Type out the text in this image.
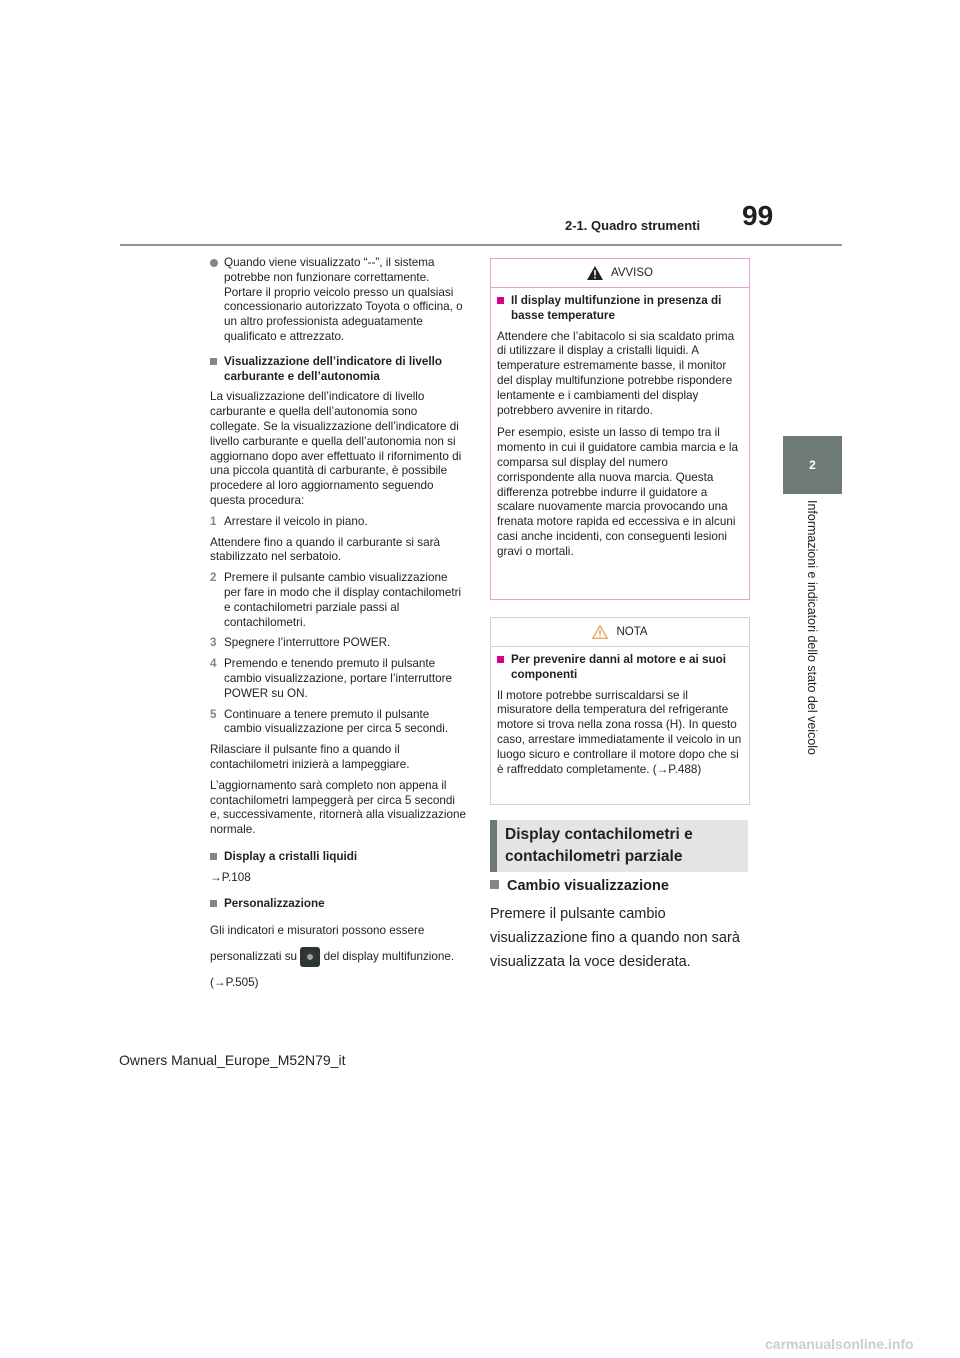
2-1. Quadro strumenti 99
2
Informazioni e indicatori dello stato del veicolo

Quando viene visualizzato “--”, il sistema potrebbe non funzionare correttamente. Portare il proprio veicolo presso un qualsiasi concessionario autorizzato Toyota o officina, o un altro professionista adeguatamente qualificato e attrezzato.

Visualizzazione dell’indicatore di livello carburante e dell’autonomia

La visualizzazione dell’indicatore di livello carburante e quella dell’autonomia sono collegate. Se la visualizzazione dell’indicatore di livello carburante e quella dell’autonomia non si aggiornano dopo aver effettuato il rifornimento di una piccola quantità di carburante, è possibile procedere al loro aggiornamento seguendo questa procedura:

1 Arrestare il veicolo in piano.

Attendere fino a quando il carburante si sarà stabilizzato nel serbatoio.

2 Premere il pulsante cambio visualizzazione per fare in modo che il display contachilometri e contachilometri parziale passi al contachilometri.

3 Spegnere l’interruttore POWER.

4 Premendo e tenendo premuto il pulsante cambio visualizzazione, portare l’interruttore POWER su ON.

5 Continuare a tenere premuto il pulsante cambio visualizzazione per circa 5 secondi.

Rilasciare il pulsante fino a quando il contachilometri inizierà a lampeggiare.

L’aggiornamento sarà completo non appena il contachilometri lampeggerà per circa 5 secondi e, successivamente, ritornerà alla visualizzazione normale.

Display a cristalli liquidi

→P.108

Personalizzazione

Gli indicatori e misuratori possono essere personalizzati su del display multifunzione. (→P.505)

AVVISO

Il display multifunzione in presenza di basse temperature

Attendere che l’abitacolo si sia scaldato prima di utilizzare il display a cristalli liquidi. A temperature estremamente basse, il monitor del display multifunzione potrebbe rispondere lentamente e i cambiamenti del display potrebbero avvenire in ritardo.

Per esempio, esiste un lasso di tempo tra il momento in cui il guidatore cambia marcia e la comparsa sul display del numero corrispondente alla nuova marcia. Questa differenza potrebbe indurre il guidatore a scalare nuovamente marcia provocando una frenata motore rapida ed eccessiva e in alcuni casi anche incidenti, con conseguenti lesioni gravi o mortali.

NOTA

Per prevenire danni al motore e ai suoi componenti

Il motore potrebbe surriscaldarsi se il misuratore della temperatura del refrigerante motore si trova nella zona rossa (H). In questo caso, arrestare immediatamente il veicolo in un luogo sicuro e controllare il motore dopo che si è raffreddato completamente. (→P.488)

Display contachilometri e contachilometri parziale
Cambio visualizzazione
Premere il pulsante cambio visualizzazione fino a quando non sarà visualizzata la voce desiderata.
Owners Manual_Europe_M52N79_it
carmanualsonline.info
